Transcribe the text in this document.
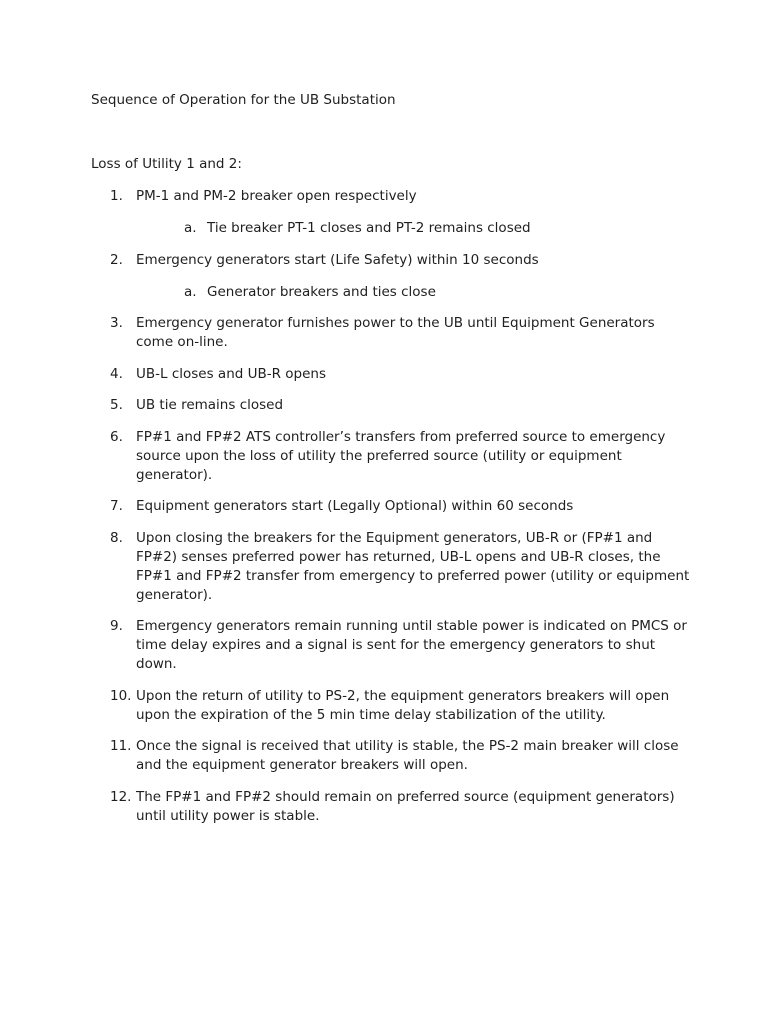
Sequence of Operation for the UB Substation

Loss of Utility 1 and 2:

1. PM-1 and PM-2 breaker open respectively
a. Tie breaker PT-1 closes and PT-2 remains closed
2. Emergency generators start (Life Safety) within 10 seconds
a. Generator breakers and ties close
3. Emergency generator furnishes power to the UB until Equipment Generators come on-line.
4. UB-L closes and UB-R opens
5. UB tie remains closed
6. FP#1 and FP#2 ATS controller’s transfers from preferred source to emergency source upon the loss of utility the preferred source (utility or equipment generator).
7. Equipment generators start (Legally Optional) within 60 seconds
8. Upon closing the breakers for the Equipment generators, UB-R or (FP#1 and FP#2) senses preferred power has returned, UB-L opens and UB-R closes, the FP#1 and FP#2 transfer from emergency to preferred power (utility or equipment generator).
9. Emergency generators remain running until stable power is indicated on PMCS or time delay expires and a signal is sent for the emergency generators to shut down.
10. Upon the return of utility to PS-2, the equipment generators breakers will open upon the expiration of the 5 min time delay stabilization of the utility.
11. Once the signal is received that utility is stable, the PS-2 main breaker will close and the equipment generator breakers will open.
12. The FP#1 and FP#2 should remain on preferred source (equipment generators) until utility power is stable.
